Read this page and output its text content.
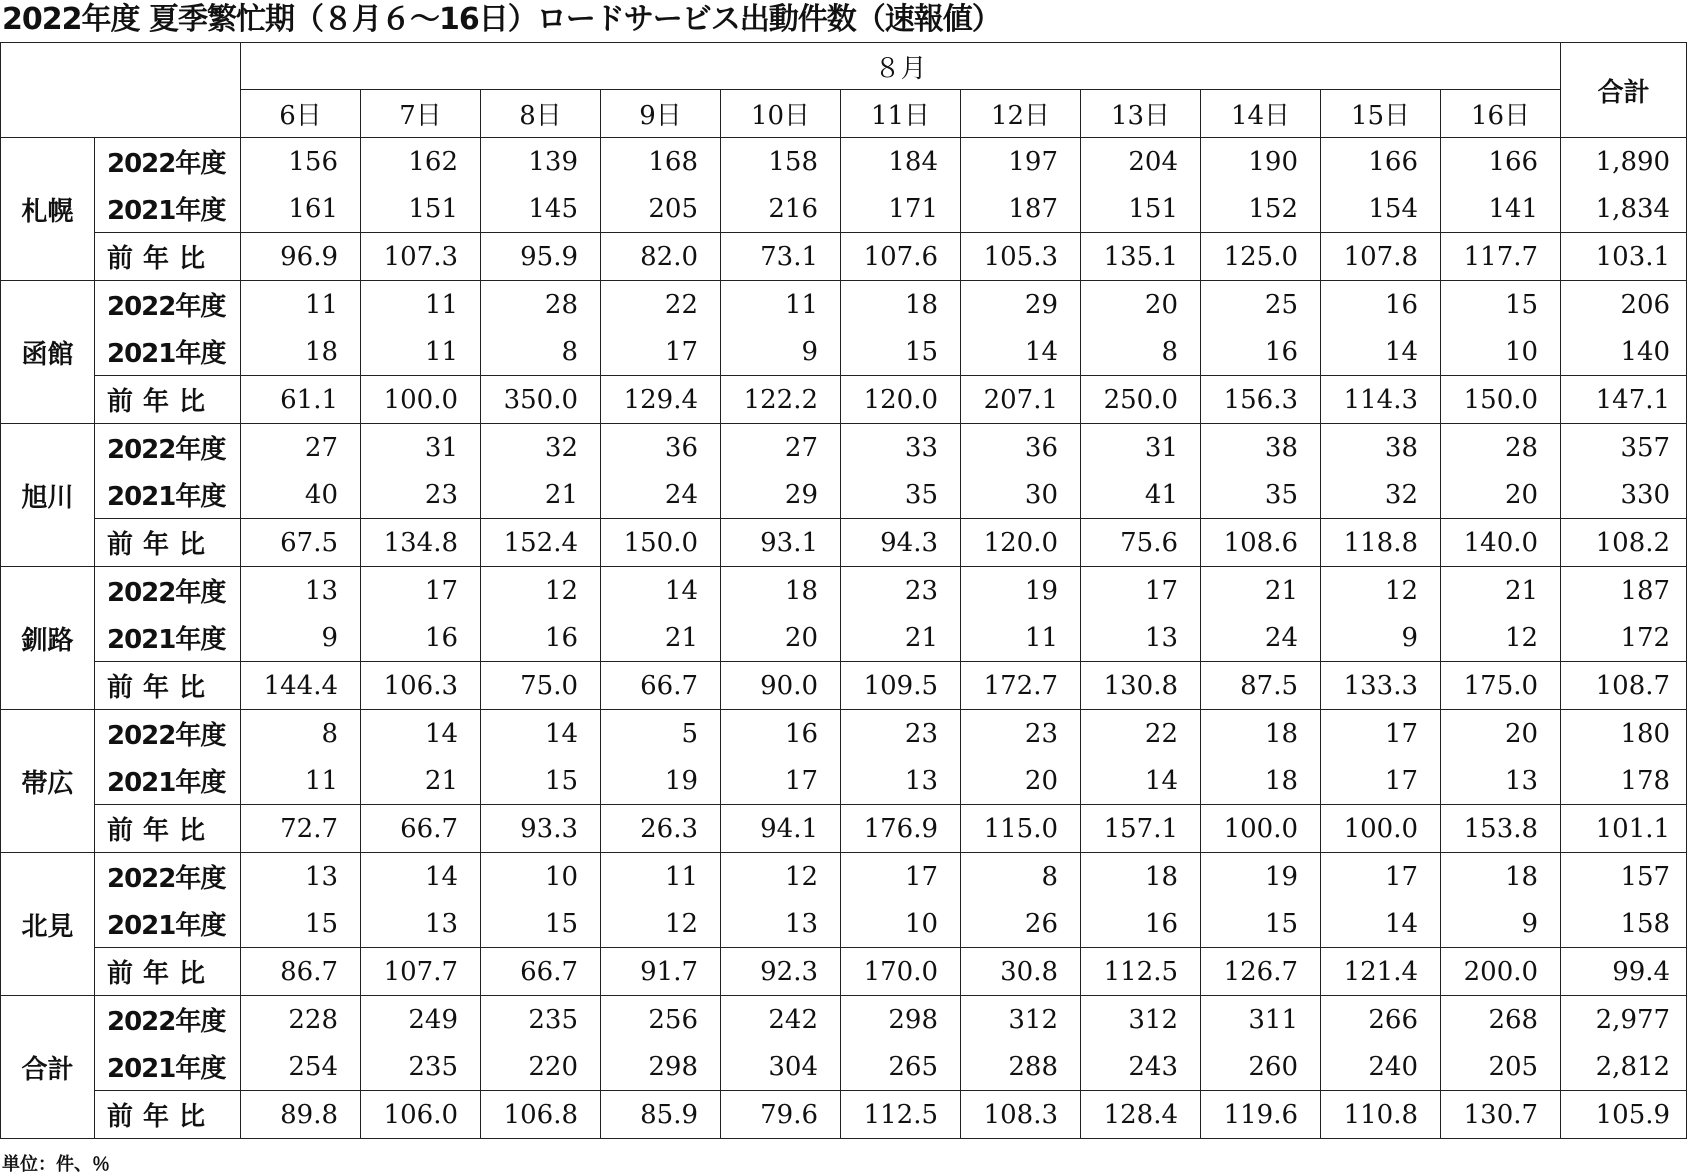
2022年度 夏季繁忙期（８月６～16日）ロードサービス出動件数（速報値）
		８月											合計
		6日	7日	8日	9日	10日	11日	12日	13日	14日	15日	16日	
札幌	2022年度	156	162	139	168	158	184	197	204	190	166	166	1,890
	2021年度	161	151	145	205	216	171	187	151	152	154	141	1,834
	前年比	96.9	107.3	95.9	82.0	73.1	107.6	105.3	135.1	125.0	107.8	117.7	103.1
函館	2022年度	11	11	28	22	11	18	29	20	25	16	15	206
	2021年度	18	11	8	17	9	15	14	8	16	14	10	140
	前年比	61.1	100.0	350.0	129.4	122.2	120.0	207.1	250.0	156.3	114.3	150.0	147.1
旭川	2022年度	27	31	32	36	27	33	36	31	38	38	28	357
	2021年度	40	23	21	24	29	35	30	41	35	32	20	330
	前年比	67.5	134.8	152.4	150.0	93.1	94.3	120.0	75.6	108.6	118.8	140.0	108.2
釧路	2022年度	13	17	12	14	18	23	19	17	21	12	21	187
	2021年度	9	16	16	21	20	21	11	13	24	9	12	172
	前年比	144.4	106.3	75.0	66.7	90.0	109.5	172.7	130.8	87.5	133.3	175.0	108.7
帯広	2022年度	8	14	14	5	16	23	23	22	18	17	20	180
	2021年度	11	21	15	19	17	13	20	14	18	17	13	178
	前年比	72.7	66.7	93.3	26.3	94.1	176.9	115.0	157.1	100.0	100.0	153.8	101.1
北見	2022年度	13	14	10	11	12	17	8	18	19	17	18	157
	2021年度	15	13	15	12	13	10	26	16	15	14	9	158
	前年比	86.7	107.7	66.7	91.7	92.3	170.0	30.8	112.5	126.7	121.4	200.0	99.4
合計	2022年度	228	249	235	256	242	298	312	312	311	266	268	2,977
	2021年度	254	235	220	298	304	265	288	243	260	240	205	2,812
	前年比	89.8	106.0	106.8	85.9	79.6	112.5	108.3	128.4	119.6	110.8	130.7	105.9
単位：件、％
